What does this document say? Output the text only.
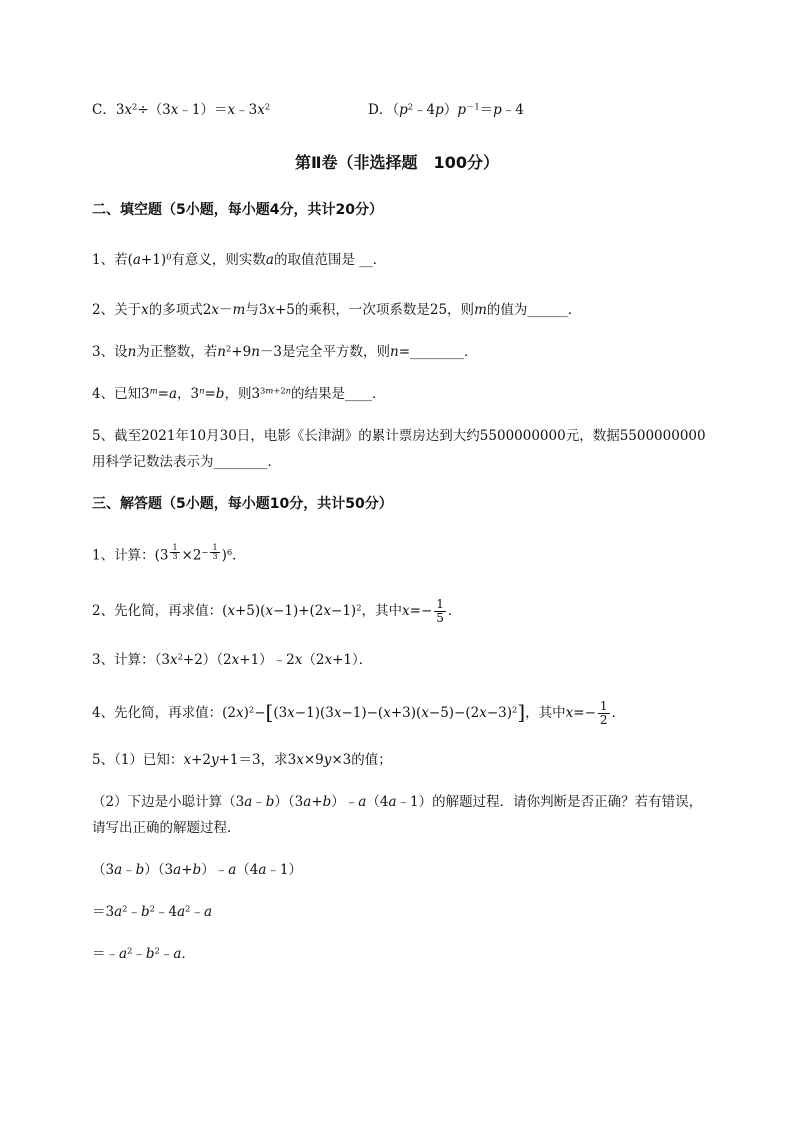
C．$3x^2\div(3x﹣1)=x﹣3x^2$	D．$(p^2﹣4p)p^{-1}=p﹣4$
第Ⅱ卷（非选择题　100分）
二、填空题（5小题，每小题4分，共计20分）
1、若$(a+1)^0$有意义，则实数a的取值范围是 __．
2、关于x的多项式2x－m与3x+5的乘积，一次项系数是25，则m的值为______．
3、设n为正整数，若$n^2+9n-3$是完全平方数，则n=________．
4、已知$3^m=a$，$3^n=b$，则$3^{3m+2n}$的结果是____．
5、截至2021年10月30日，电影《长津湖》的累计票房达到大约5500000000元，数据5500000000
用科学记数法表示为________．
三、解答题（5小题，每小题10分，共计50分）
1、计算：(3 $^{\frac{1}{3}} \times 2^{- \frac{1}{3}}$ )$^6$．
2、先化简，再求值：$(x+5)(x-1)+(2x-1)^2$，其中$x=- \frac{1}{5}$ ．
3、计算：$(3x^2+2)(2x+1)﹣2x(2x+1)$．
4、先化简，再求值：$(2x)^2-[(3x-1)(3x-1)-(x+3)(x-5)-(2x-3)^2]$，其中$x=- \frac{1}{2}$ ．
5、（1）已知：x+2y+1＝3，求3x×9y×3的值；
（2）下边是小聪计算（3a﹣b）（3a+b）﹣a（4a﹣1）的解题过程．请你判断是否正确？若有错误，
请写出正确的解题过程．
（3a﹣b）（3a+b）﹣a（4a﹣1）
$=3a^2﹣b^2﹣4a^2﹣a$
$=﹣a^2﹣b^2﹣a$．
